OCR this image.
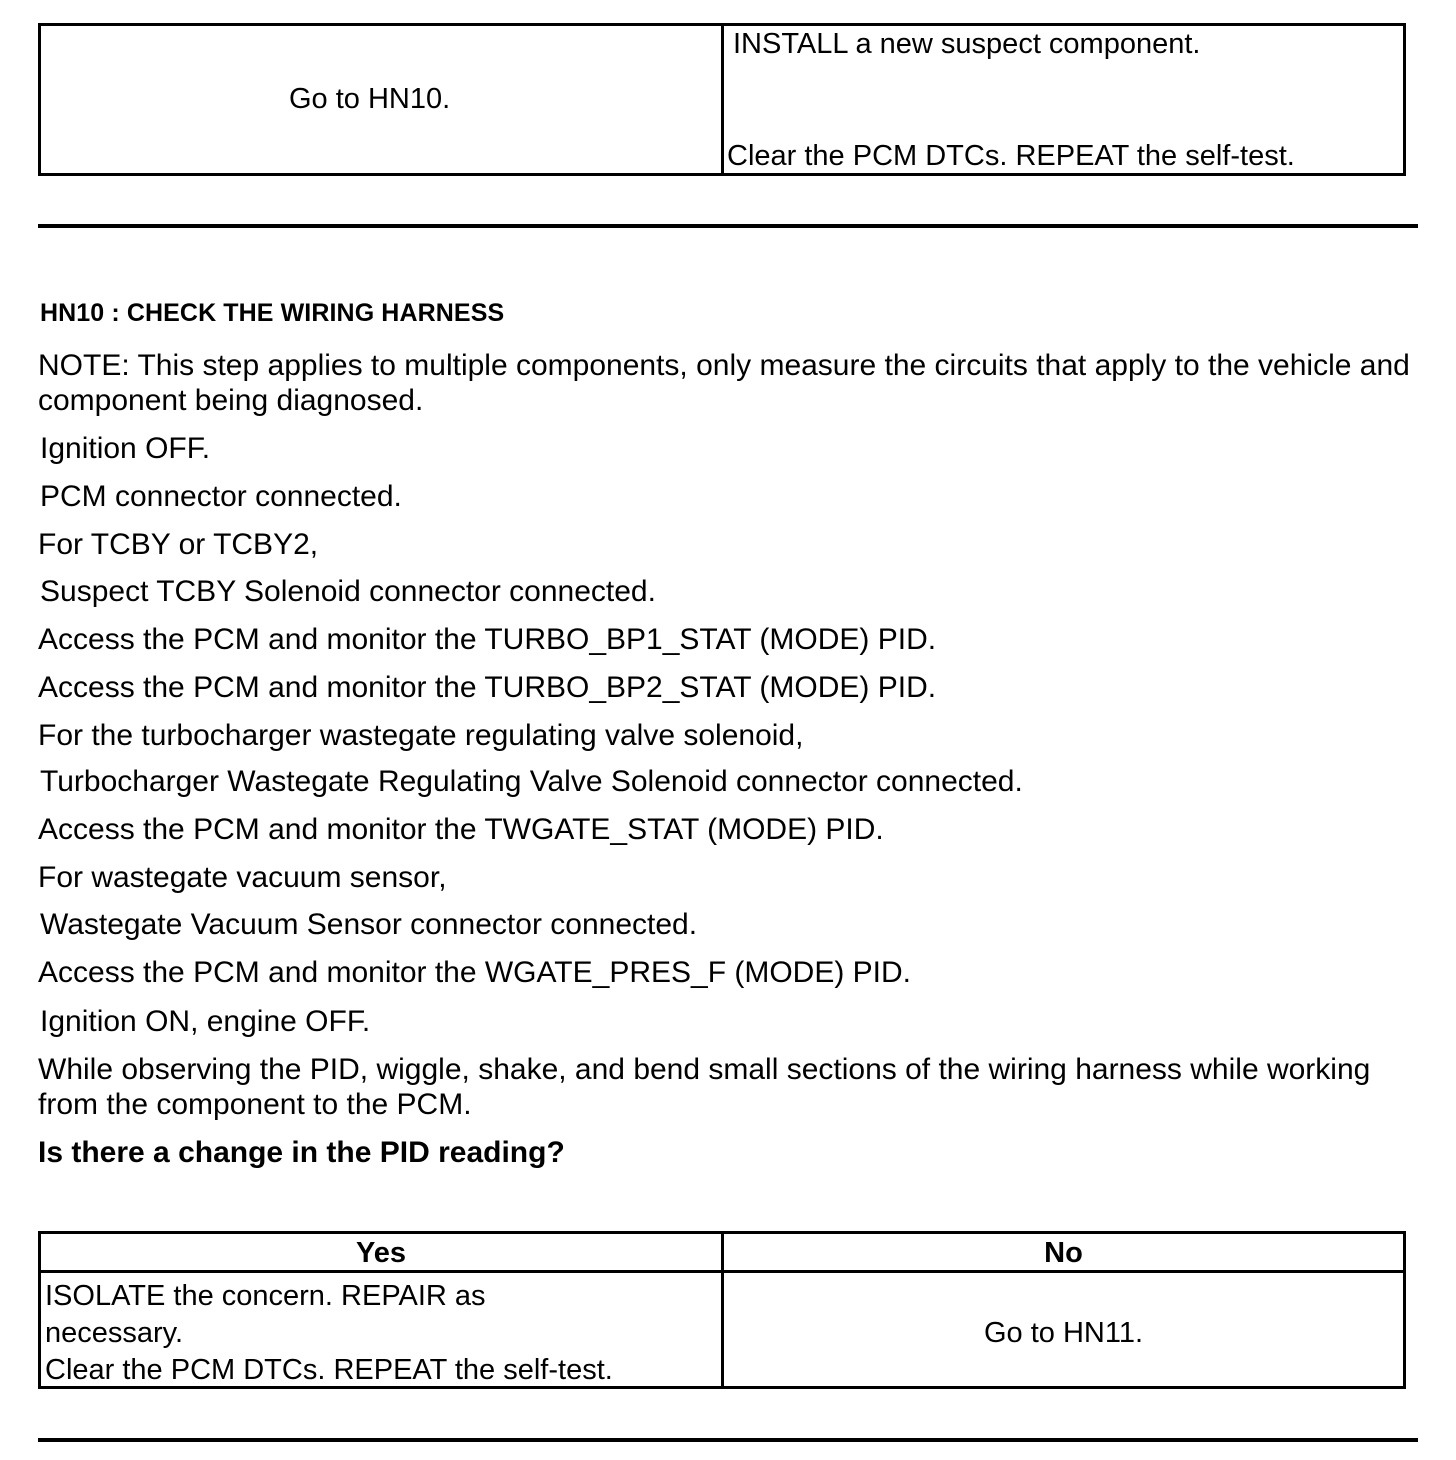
Go to HN10.
INSTALL a new suspect component.
Clear the PCM DTCs. REPEAT the self-test.
HN10 : CHECK THE WIRING HARNESS
NOTE: This step applies to multiple components, only measure the circuits that apply to the vehicle and component being diagnosed.
Ignition OFF.
PCM connector connected.
For TCBY or TCBY2,
Suspect TCBY Solenoid connector connected.
Access the PCM and monitor the TURBO_BP1_STAT (MODE) PID.
Access the PCM and monitor the TURBO_BP2_STAT (MODE) PID.
For the turbocharger wastegate regulating valve solenoid,
Turbocharger Wastegate Regulating Valve Solenoid connector connected.
Access the PCM and monitor the TWGATE_STAT (MODE) PID.
For wastegate vacuum sensor,
Wastegate Vacuum Sensor connector connected.
Access the PCM and monitor the WGATE_PRES_F (MODE) PID.
Ignition ON, engine OFF.
While observing the PID, wiggle, shake, and bend small sections of the wiring harness while working from the component to the PCM.
Is there a change in the PID reading?
Yes	No
ISOLATE the concern. REPAIR as
necessary.
Clear the PCM DTCs. REPEAT the self-test.
Go to HN11.
